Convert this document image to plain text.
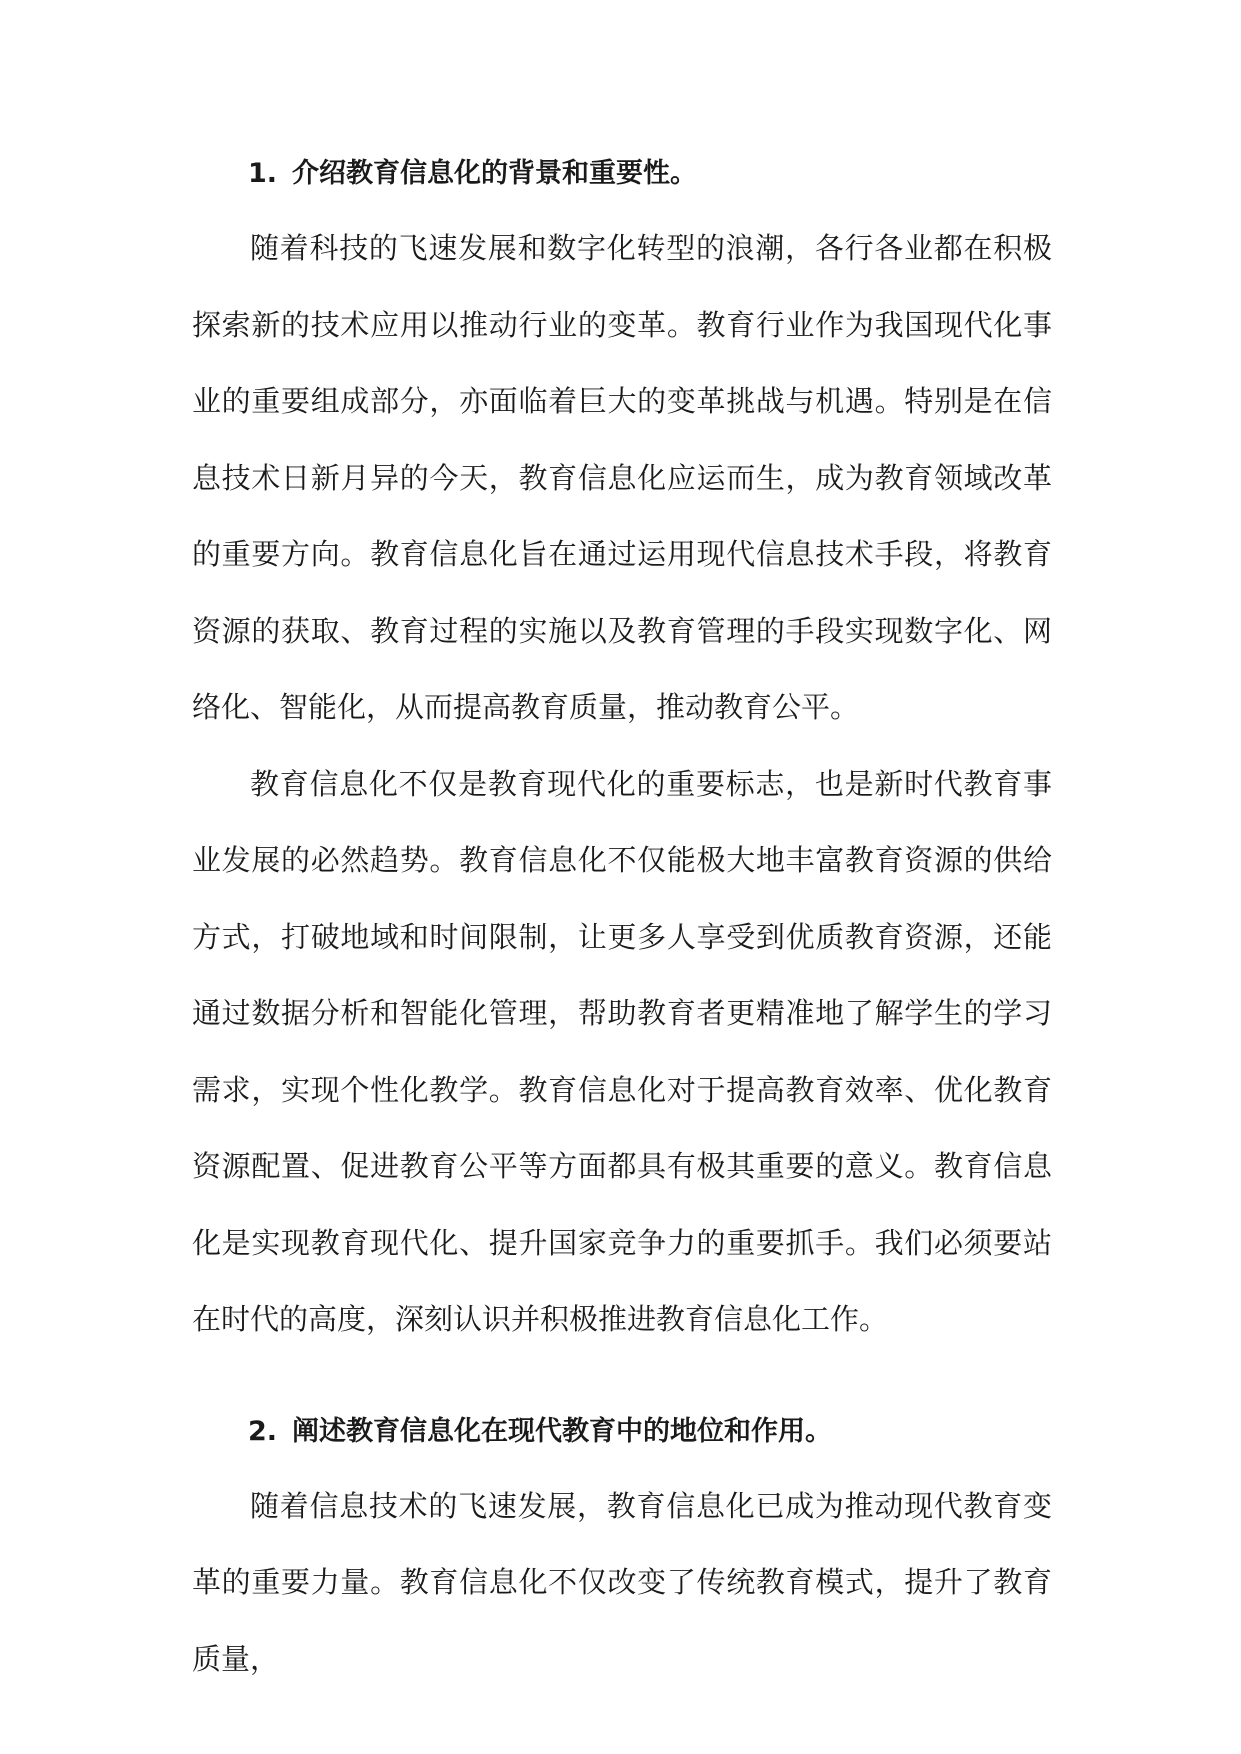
1. 介绍教育信息化的背景和重要性。

随着科技的飞速发展和数字化转型的浪潮，各行各业都在积极探索新的技术应用以推动行业的变革。教育行业作为我国现代化事业的重要组成部分，亦面临着巨大的变革挑战与机遇。特别是在信息技术日新月异的今天，教育信息化应运而生，成为教育领域改革的重要方向。教育信息化旨在通过运用现代信息技术手段，将教育资源的获取、教育过程的实施以及教育管理的手段实现数字化、网络化、智能化，从而提高教育质量，推动教育公平。

教育信息化不仅是教育现代化的重要标志，也是新时代教育事业发展的必然趋势。教育信息化不仅能极大地丰富教育资源的供给方式，打破地域和时间限制，让更多人享受到优质教育资源，还能通过数据分析和智能化管理，帮助教育者更精准地了解学生的学习需求，实现个性化教学。教育信息化对于提高教育效率、优化教育资源配置、促进教育公平等方面都具有极其重要的意义。教育信息化是实现教育现代化、提升国家竞争力的重要抓手。我们必须要站在时代的高度，深刻认识并积极推进教育信息化工作。

2. 阐述教育信息化在现代教育中的地位和作用。

随着信息技术的飞速发展，教育信息化已成为推动现代教育变革的重要力量。教育信息化不仅改变了传统教育模式，提升了教育质量，
